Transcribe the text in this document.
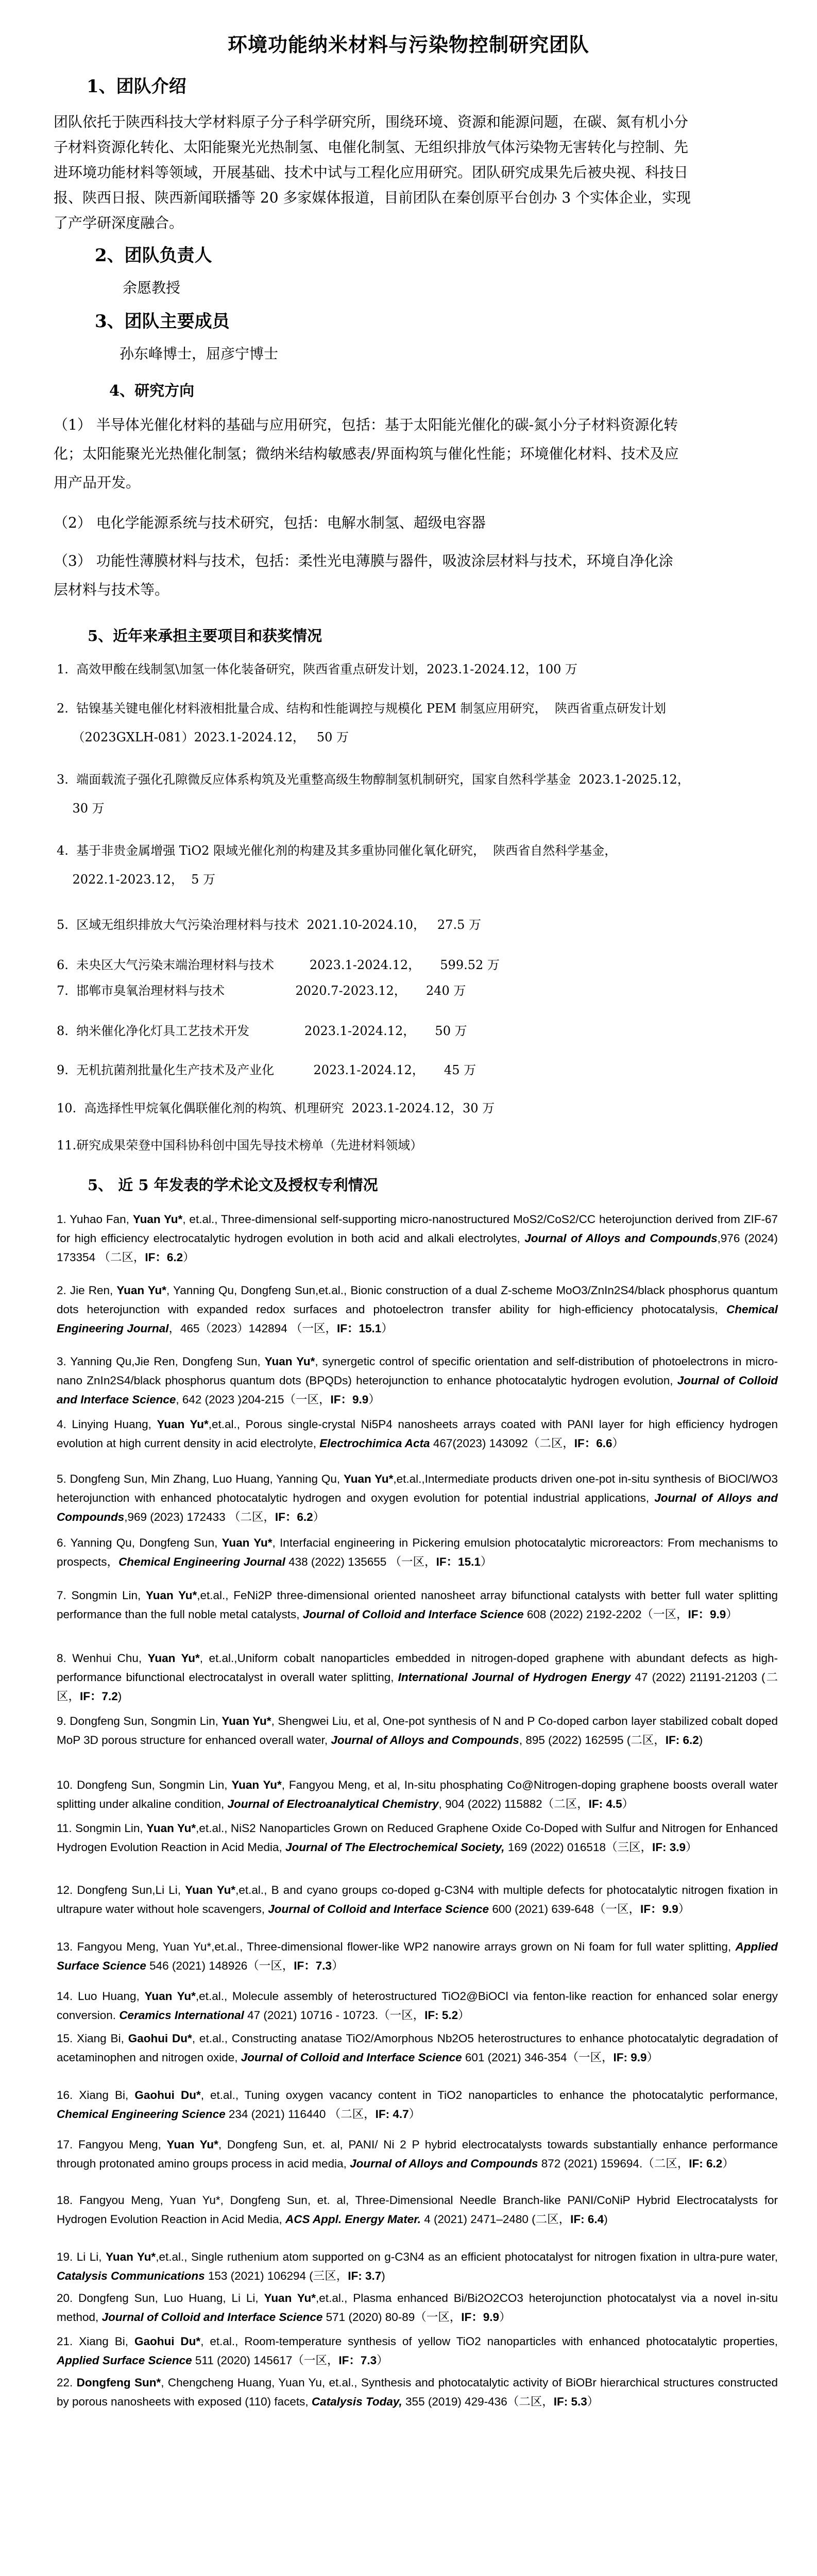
环境功能纳米材料与污染物控制研究团队
1、团队介绍
团队依托于陕西科技大学材料原子分子科学研究所，围绕环境、资源和能源问题，在碳、氮有机小分
子材料资源化转化、太阳能聚光光热制氢、电催化制氢、无组织排放气体污染物无害转化与控制、先
进环境功能材料等领域，开展基础、技术中试与工程化应用研究。团队研究成果先后被央视、科技日
报、陕西日报、陕西新闻联播等 20 多家媒体报道，目前团队在秦创原平台创办 3 个实体企业，实现
了产学研深度融合。
2、团队负责人
余愿教授
3、团队主要成员
孙东峰博士，屈彦宁博士
4、研究方向
（1） 半导体光催化材料的基础与应用研究，包括：基于太阳能光催化的碳-氮小分子材料资源化转
化；太阳能聚光光热催化制氢；微纳米结构敏感表/界面构筑与催化性能；环境催化材料、技术及应
用产品开发。
（2） 电化学能源系统与技术研究，包括：电解水制氢、超级电容器
（3） 功能性薄膜材料与技术，包括：柔性光电薄膜与器件，吸波涂层材料与技术，环境自净化涂
层材料与技术等。
5、近年来承担主要项目和获奖情况
1.  高效甲酸在线制氢\加氢一体化装备研究，陕西省重点研发计划，2023.1-2024.12，100 万
2.  钴镍基关键电催化材料液相批量合成、结构和性能调控与规模化 PEM 制氢应用研究，  陕西省重点研发计划
（2023GXLH-081）2023.1-2024.12，   50 万
3.  端面载流子强化孔隙微反应体系构筑及光重整高级生物醇制氢机制研究，国家自然科学基金  2023.1-2025.12，
30 万
4.  基于非贵金属增强 TiO2 限域光催化剂的构建及其多重协同催化氧化研究，  陕西省自然科学基金，
2022.1-2023.12，  5 万
5.  区域无组织排放大气污染治理材料与技术  2021.10-2024.10，   27.5 万
6.  未央区大气污染末端治理材料与技术         2023.1-2024.12，     599.52 万
7.  邯郸市臭氧治理材料与技术                  2020.7-2023.12，     240 万
8.  纳米催化净化灯具工艺技术开发              2023.1-2024.12，     50 万
9.  无机抗菌剂批量化生产技术及产业化          2023.1-2024.12，     45 万
10.  高选择性甲烷氧化偶联催化剂的构筑、机理研究  2023.1-2024.12，30 万
11.研究成果荣登中国科协科创中国先导技术榜单（先进材料领域）
5、 近 5 年发表的学术论文及授权专利情况
1. Yuhao Fan, Yuan Yu*, et.al., Three-dimensional self-supporting micro-nanostructured MoS2/CoS2/CC heterojunction derived from ZIF-67 for high efficiency electrocatalytic hydrogen evolution in both acid and alkali electrolytes, Journal of Alloys and Compounds,976 (2024) 173354 （二区，IF：6.2）
2. Jie Ren, Yuan Yu*, Yanning Qu, Dongfeng Sun,et.al., Bionic construction of a dual Z-scheme MoO3/ZnIn2S4/black phosphorus quantum dots heterojunction with expanded redox surfaces and photoelectron transfer ability for high-efficiency photocatalysis, Chemical Engineering Journal，465（2023）142894 （一区，IF：15.1）
3. Yanning Qu,Jie Ren, Dongfeng Sun, Yuan Yu*, synergetic control of specific orientation and self-distribution of photoelectrons in micro-nano ZnIn2S4/black phosphorus quantum dots (BPQDs) heterojunction to enhance photocatalytic hydrogen evolution, Journal of Colloid and Interface Science, 642 (2023 )204-215（一区，IF：9.9）
4. Linying Huang, Yuan Yu*,et.al., Porous single-crystal Ni5P4 nanosheets arrays coated with PANI layer for high efficiency hydrogen evolution at high current density in acid electrolyte, Electrochimica Acta 467(2023) 143092（二区，IF：6.6）
5. Dongfeng Sun, Min Zhang, Luo Huang, Yanning Qu, Yuan Yu*,et.al.,Intermediate products driven one-pot in-situ synthesis of BiOCl/WO3 heterojunction with enhanced photocatalytic hydrogen and oxygen evolution for potential industrial applications, Journal of Alloys and Compounds,969 (2023) 172433 （二区，IF：6.2）
6. Yanning Qu, Dongfeng Sun, Yuan Yu*, Interfacial engineering in Pickering emulsion photocatalytic microreactors: From mechanisms to prospects，Chemical Engineering Journal 438 (2022) 135655 （一区，IF：15.1）
7. Songmin Lin, Yuan Yu*,et.al., FeNi2P three-dimensional oriented nanosheet array bifunctional catalysts with better full water splitting performance than the full noble metal catalysts, Journal of Colloid and Interface Science 608 (2022) 2192-2202（一区，IF：9.9）
8. Wenhui Chu, Yuan Yu*, et.al.,Uniform cobalt nanoparticles embedded in nitrogen-doped graphene with abundant defects as high-performance bifunctional electrocatalyst in overall water splitting, International Journal of Hydrogen Energy 47 (2022) 21191-21203 (二区，IF：7.2)
9. Dongfeng Sun, Songmin Lin, Yuan Yu*, Shengwei Liu, et al, One-pot synthesis of N and P Co-doped carbon layer stabilized cobalt doped MoP 3D porous structure for enhanced overall water, Journal of Alloys and Compounds, 895 (2022) 162595 (二区，IF: 6.2)
10. Dongfeng Sun, Songmin Lin, Yuan Yu*, Fangyou Meng, et al, In-situ phosphating Co@Nitrogen-doping graphene boosts overall water splitting under alkaline condition, Journal of Electroanalytical Chemistry, 904 (2022) 115882（二区，IF: 4.5）
11. Songmin Lin, Yuan Yu*,et.al., NiS2 Nanoparticles Grown on Reduced Graphene Oxide Co-Doped with Sulfur and Nitrogen for Enhanced Hydrogen Evolution Reaction in Acid Media, Journal of The Electrochemical Society, 169 (2022) 016518（三区，IF: 3.9）
12. Dongfeng Sun,Li Li, Yuan Yu*,et.al., B and cyano groups co-doped g-C3N4 with multiple defects for photocatalytic nitrogen fixation in ultrapure water without hole scavengers, Journal of Colloid and Interface Science 600 (2021) 639-648（一区，IF：9.9）
13. Fangyou Meng, Yuan Yu*,et.al., Three-dimensional flower-like WP2 nanowire arrays grown on Ni foam for full water splitting, Applied Surface Science 546 (2021) 148926（一区，IF：7.3）
14. Luo Huang, Yuan Yu*,et.al., Molecule assembly of heterostructured TiO2@BiOCl via fenton-like reaction for enhanced solar energy conversion. Ceramics International 47 (2021) 10716 - 10723.（一区，IF: 5.2）
15. Xiang Bi, Gaohui Du*, et.al., Constructing anatase TiO2/Amorphous Nb2O5 heterostructures to enhance photocatalytic degradation of acetaminophen and nitrogen oxide, Journal of Colloid and Interface Science 601 (2021) 346-354（一区，IF: 9.9）
16. Xiang Bi, Gaohui Du*, et.al., Tuning oxygen vacancy content in TiO2 nanoparticles to enhance the photocatalytic performance, Chemical Engineering Science 234 (2021) 116440 （二区，IF: 4.7）
17. Fangyou Meng, Yuan Yu*, Dongfeng Sun, et. al, PANI/ Ni 2 P hybrid electrocatalysts towards substantially enhance performance through protonated amino groups process in acid media, Journal of Alloys and Compounds 872 (2021) 159694.（二区，IF: 6.2）
18. Fangyou Meng, Yuan Yu*, Dongfeng Sun, et. al, Three-Dimensional Needle Branch-like PANI/CoNiP Hybrid Electrocatalysts for Hydrogen Evolution Reaction in Acid Media, ACS Appl. Energy Mater. 4 (2021) 2471–2480 (二区，IF: 6.4)
19. Li Li, Yuan Yu*,et.al., Single ruthenium atom supported on g-C3N4 as an efficient photocatalyst for nitrogen fixation in ultra-pure water, Catalysis Communications 153 (2021) 106294 (三区，IF: 3.7)
20. Dongfeng Sun, Luo Huang, Li Li, Yuan Yu*,et.al., Plasma enhanced Bi/Bi2O2CO3 heterojunction photocatalyst via a novel in-situ method, Journal of Colloid and Interface Science 571 (2020) 80-89（一区，IF：9.9）
21. Xiang Bi, Gaohui Du*, et.al., Room-temperature synthesis of yellow TiO2 nanoparticles with enhanced photocatalytic properties, Applied Surface Science 511 (2020) 145617（一区，IF：7.3）
22. Dongfeng Sun*, Chengcheng Huang, Yuan Yu, et.al., Synthesis and photocatalytic activity of BiOBr hierarchical structures constructed by porous nanosheets with exposed (110) facets, Catalysis Today, 355 (2019) 429-436（二区，IF: 5.3）
